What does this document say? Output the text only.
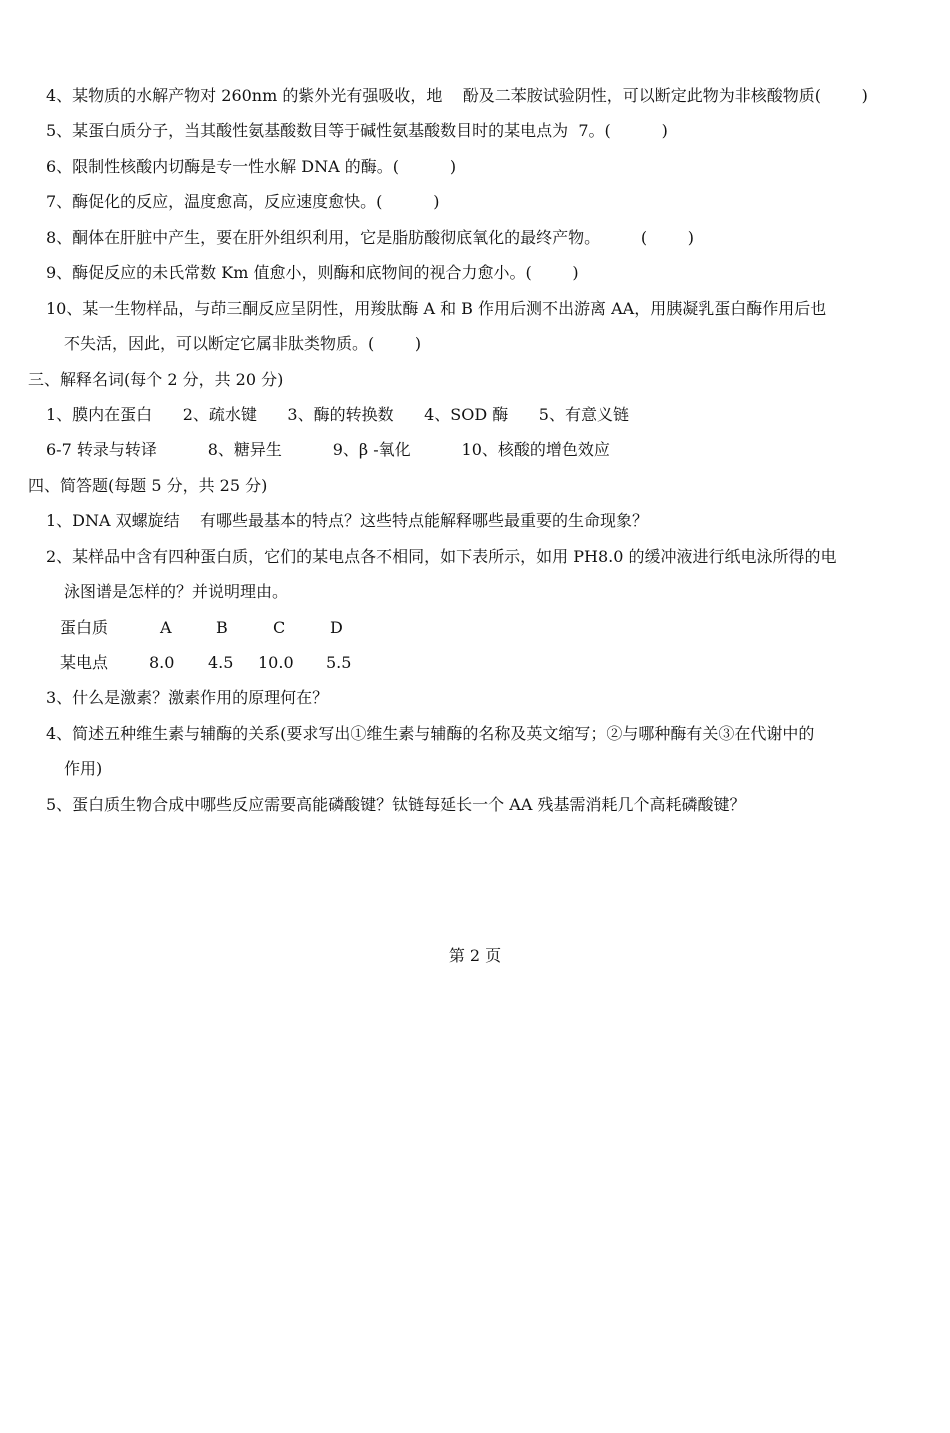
4、某物质的水解产物对 260nm 的紫外光有强吸收，地    酚及二苯胺试验阴性，可以断定此物为非核酸物质(        )
5、某蛋白质分子，当其酸性氨基酸数目等于碱性氨基酸数目时的某电点为  7。(          )
6、限制性核酸内切酶是专一性水解 DNA 的酶。(          )
7、酶促化的反应，温度愈高，反应速度愈快。(          )
8、酮体在肝脏中产生，要在肝外组织利用，它是脂肪酸彻底氧化的最终产物。        (        )
9、酶促反应的未氏常数 Km 值愈小，则酶和底物间的视合力愈小。(        )
10、某一生物样品，与茚三酮反应呈阴性，用羧肽酶 A 和 B 作用后测不出游离 AA，用胰凝乳蛋白酶作用后也
不失活，因此，可以断定它属非肽类物质。(        )
三、解释名词(每个 2 分，共 20 分)
1、膜内在蛋白      2、疏水键      3、酶的转换数      4、SOD 酶      5、有意义链
6-7 转录与转译          8、糖异生          9、β -氧化          10、核酸的增色效应
四、简答题(每题 5 分，共 25 分)
1、DNA 双螺旋结    有哪些最基本的特点？这些特点能解释哪些最重要的生命现象？
2、某样品中含有四种蛋白质，它们的某电点各不相同，如下表所示，如用 PH8.0 的缓冲液进行纸电泳所得的电
泳图谱是怎样的？并说明理由。
蛋白质	A	B	C	D
某电点	8.0 4.5 10.0 5.5
3、什么是激素？激素作用的原理何在？
4、简述五种维生素与辅酶的关系(要求写出①维生素与辅酶的名称及英文缩写；②与哪种酶有关③在代谢中的
作用)
5、蛋白质生物合成中哪些反应需要高能磷酸键？钛链每延长一个 AA 残基需消耗几个高耗磷酸键？
第 2 页
